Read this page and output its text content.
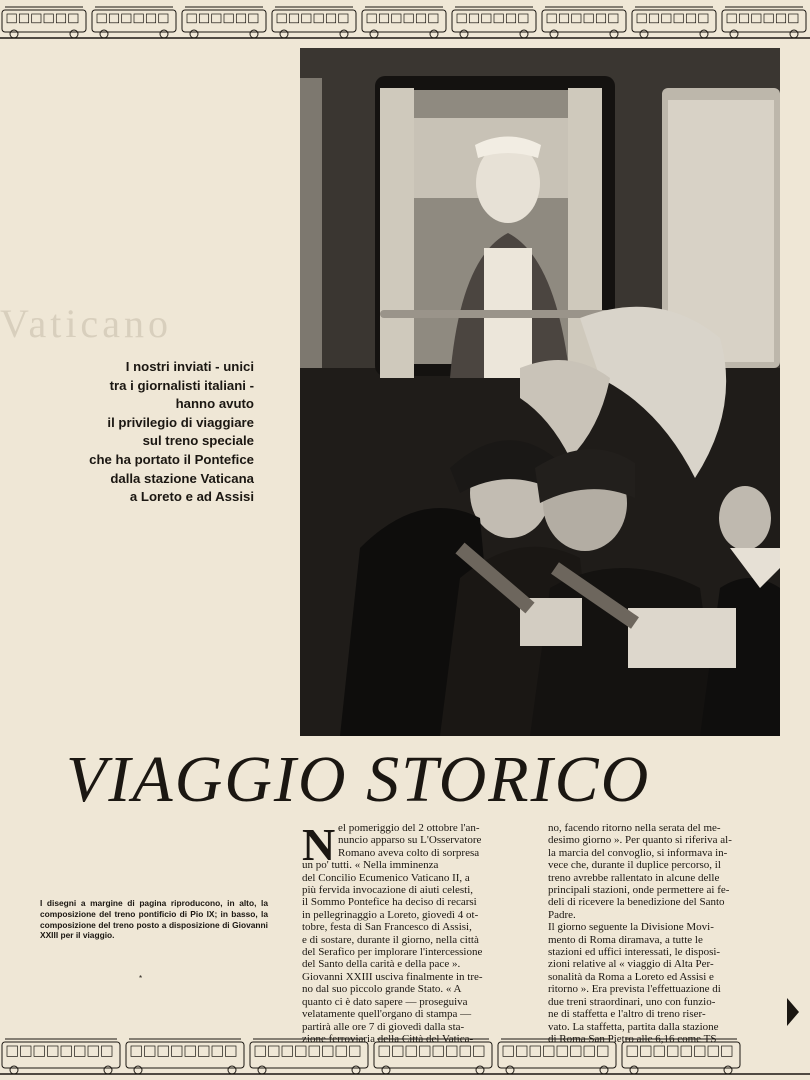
Vaticano
I nostri inviati - unici
tra i giornalisti italiani -
hanno avuto
il privilegio di viaggiare
sul treno speciale
che ha portato il Pontefice
dalla stazione Vaticana
a Loreto e ad Assisi
VIAGGIO STORICO
I disegni a margine di pagina riproducono, in alto, la composizione del treno pontificio di Pio IX; in basso, la composizione del treno posto a disposizione di Giovanni XXIII per il viaggio.
*
N el pomeriggio del 2 ottobre l'an-
nuncio apparso su L'Osservatore
Romano aveva colto di sorpresa
un po' tutti. « Nella imminenza
del Concilio Ecumenico Vaticano II, a
più fervida invocazione di aiuti celesti,
il Sommo Pontefice ha deciso di recarsi
in pellegrinaggio a Loreto, giovedì 4 ot-
tobre, festa di San Francesco di Assisi,
e di sostare, durante il giorno, nella città
del Serafico per implorare l'intercessione
del Santo della carità e della pace ».
Giovanni XXIII usciva finalmente in tre-
no dal suo piccolo grande Stato. « A
quanto ci è dato sapere — proseguiva
velatamente quell'organo di stampa —
partirà alle ore 7 di giovedì dalla sta-
zione ferroviaria della Città del Vatica-
no, facendo ritorno nella serata del me-
desimo giorno ». Per quanto si riferiva al-
la marcia del convoglio, si informava in-
vece che, durante il duplice percorso, il
treno avrebbe rallentato in alcune delle
principali stazioni, onde permettere ai fe-
deli di ricevere la benedizione del Santo
Padre.
Il giorno seguente la Divisione Movi-
mento di Roma diramava, a tutte le
stazioni ed uffici interessati, le disposi-
zioni relative al « viaggio di Alta Per-
sonalità da Roma a Loreto ed Assisi e
ritorno ». Era prevista l'effettuazione di
due treni straordinari, uno con funzio-
ne di staffetta e l'altro di treno riser-
vato. La staffetta, partita dalla stazione
di Roma San Pietro alle 6,16 come TS
